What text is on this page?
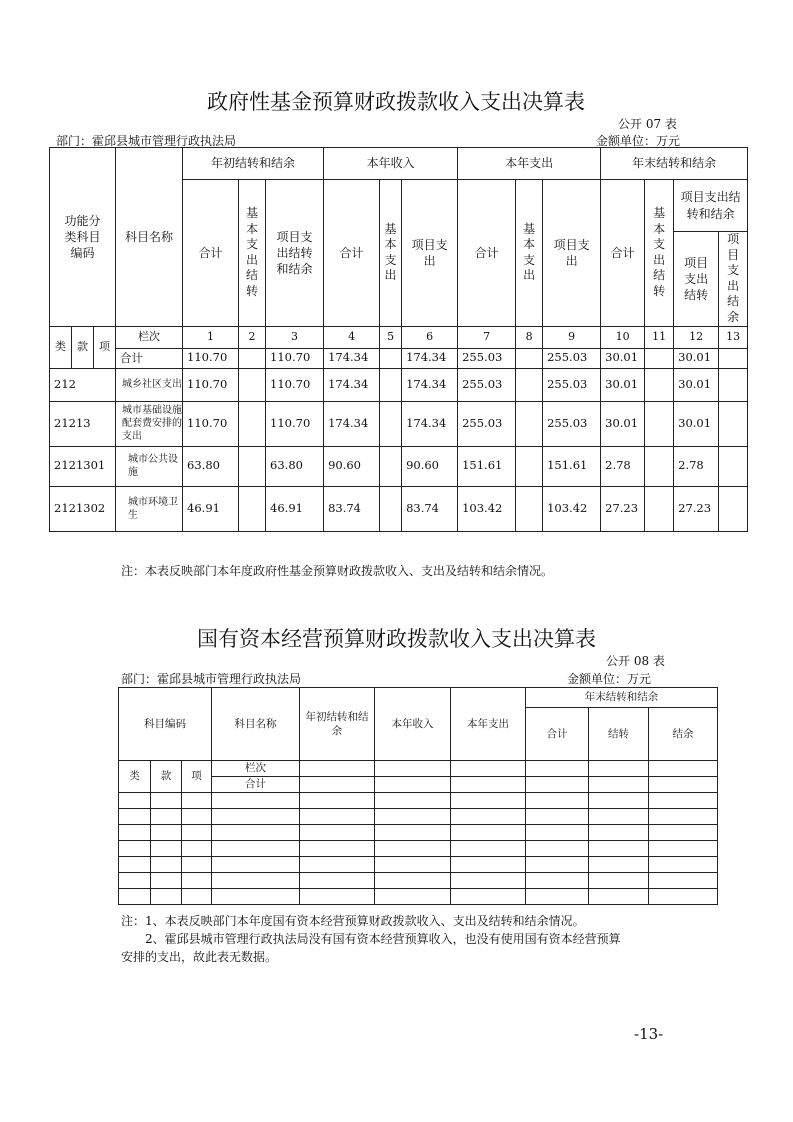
政府性基金预算财政拨款收入支出决算表
公开 07 表
部门：霍邱县城市管理行政执法局	金额单位：万元
功能分类科目编码			科目名称	年初结转和结余			本年收入			本年支出			年末结转和结余			
				合计	基本支出结转	项目支出结转和结余	合计	基本支出	项目支出	合计	基本支出	项目支出	合计	基本支出结转	项目支出结转和结余	

															项目支出结转	项目支出结余

类	款	项	栏次	1	2	3	4	5	6	7	8	9	10	11	12	13
			合计	110.70		110.70	174.34		174.34	255.03		255.03	30.01		30.01	
212			城乡社区支出	110.70		110.70	174.34		174.34	255.03		255.03	30.01		30.01	
21213			城市基础设施配套费安排的支出	110.70		110.70	174.34		174.34	255.03		255.03	30.01		30.01	
2121301			城市公共设施	63.80		63.80	90.60		90.60	151.61		151.61	2.78		2.78	
2121302			城市环境卫生	46.91		46.91	83.74		83.74	103.42		103.42	27.23		27.23	
注：本表反映部门本年度政府性基金预算财政拨款收入、支出及结转和结余情况。
国有资本经营预算财政拨款收入支出决算表
公开 08 表
部门：霍邱县城市管理行政执法局	金额单位：万元
科目编码			科目名称	年初结转和结余	本年收入	本年支出	年末结转和结余		
							合计	结转	结余
类	款	项	栏次						
			合计						

注：1、本表反映部门本年度国有资本经营预算财政拨款收入、支出及结转和结余情况。
2、霍邱县城市管理行政执法局没有国有资本经营预算收入，也没有使用国有资本经营预算
安排的支出，故此表无数据。
-13-
